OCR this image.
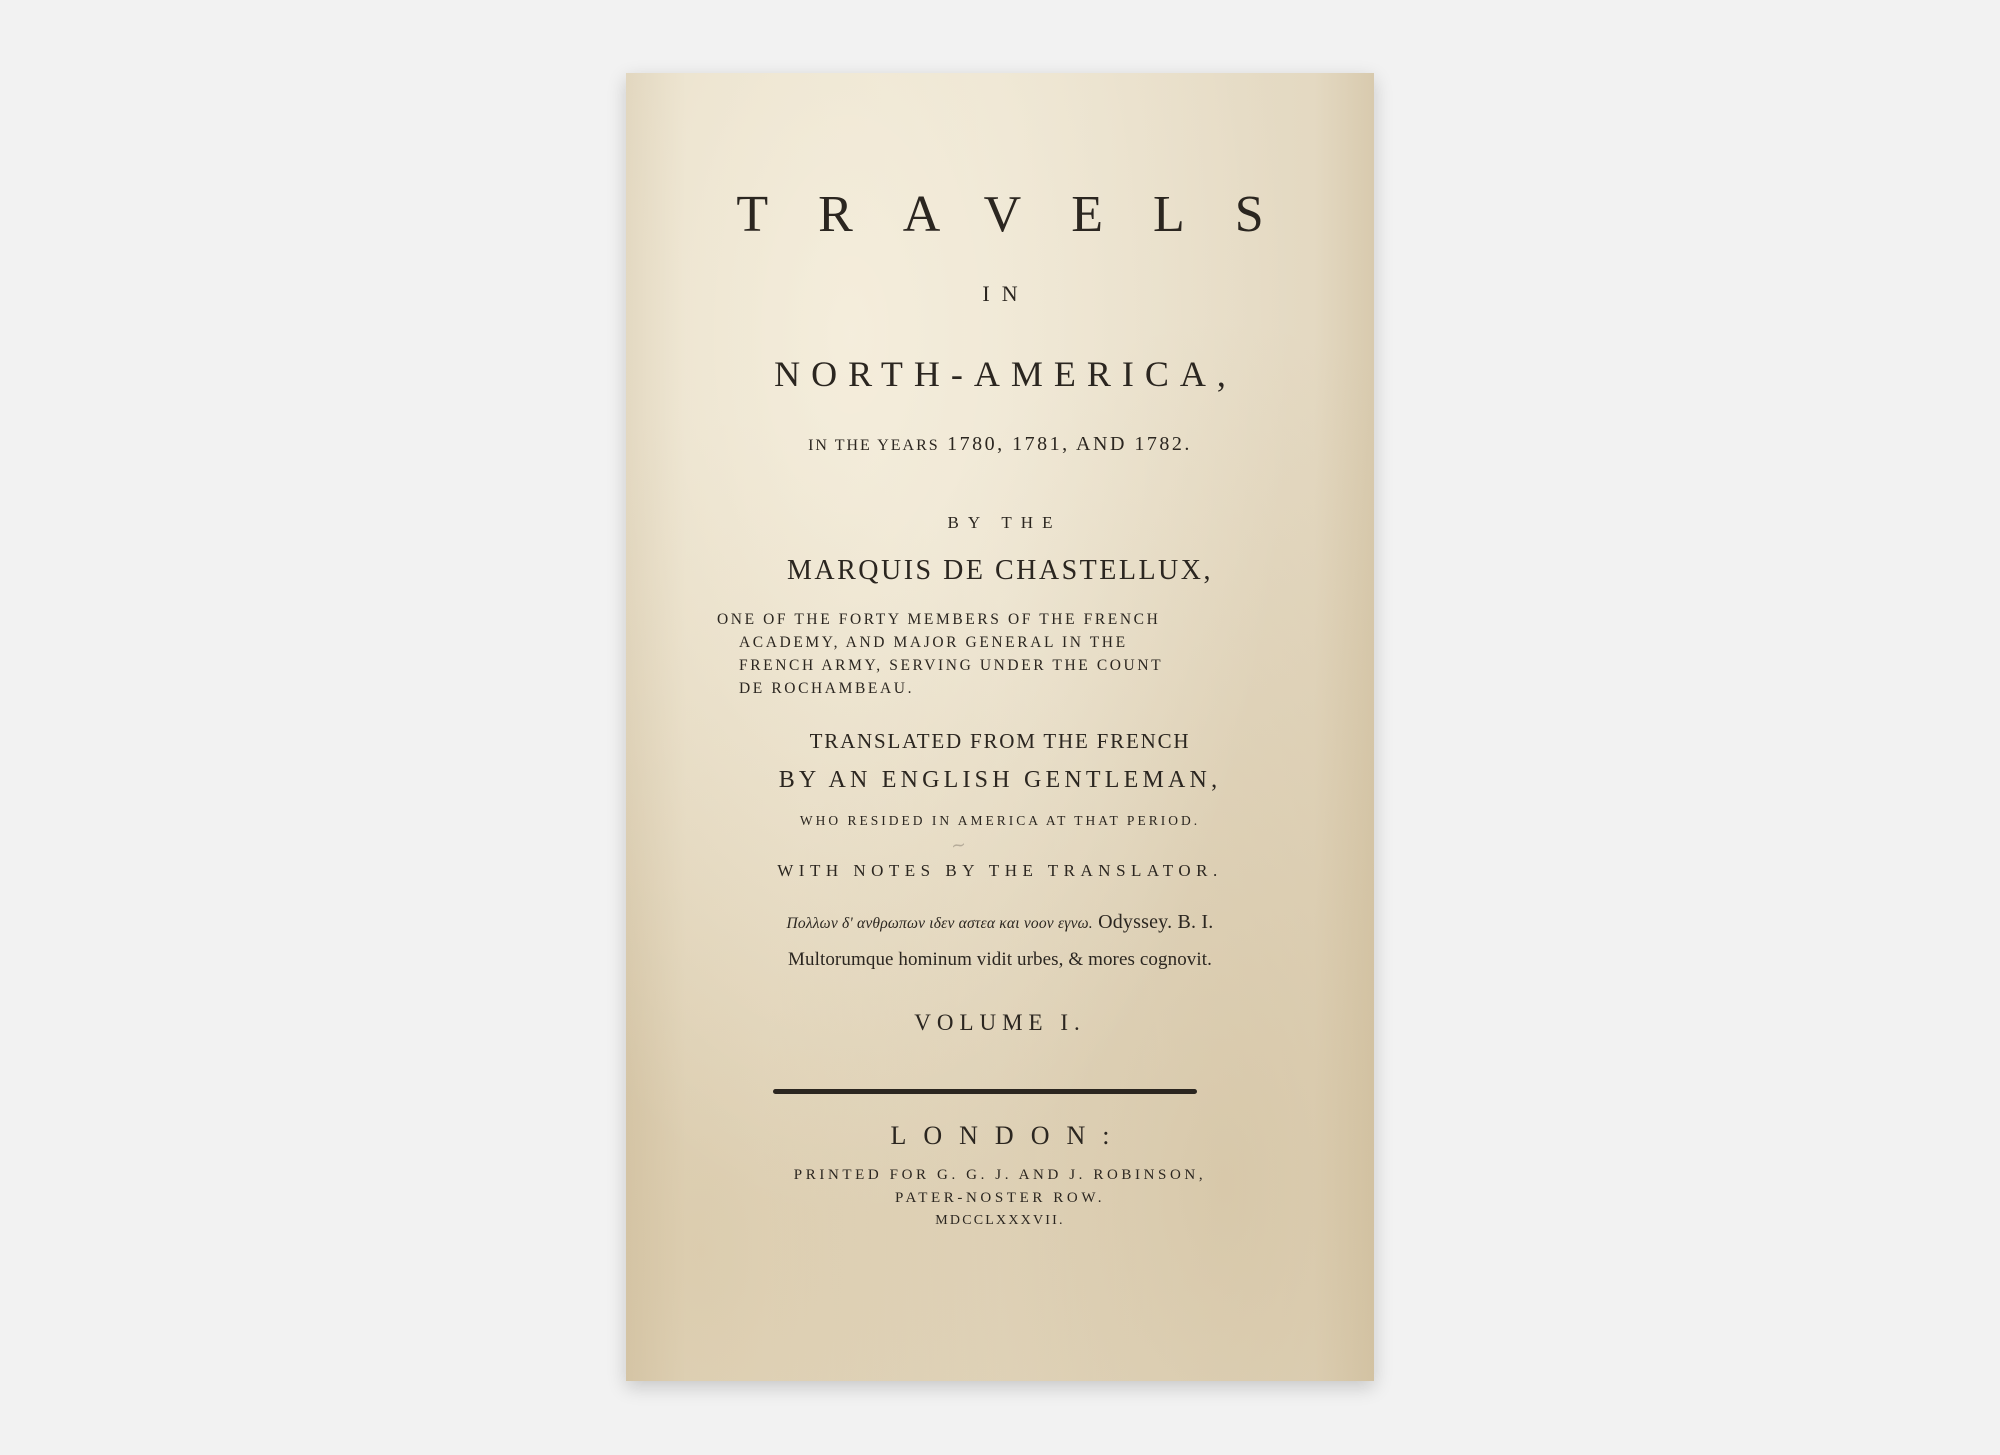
TRAVELS
IN
NORTH-AMERICA,
IN THE YEARS 1780, 1781, AND 1782.
BY THE
MARQUIS DE CHASTELLUX,
ONE OF THE FORTY MEMBERS OF THE FRENCH
ACADEMY, AND MAJOR GENERAL IN THE
FRENCH ARMY, SERVING UNDER THE COUNT
DE ROCHAMBEAU.
TRANSLATED FROM THE FRENCH
BY AN ENGLISH GENTLEMAN,
WHO RESIDED IN AMERICA AT THAT PERIOD.
~
WITH NOTES BY THE TRANSLATOR.
Πολλων δ' ανθρωπων ιδεν αστεα και νοον εγνω. Odyssey. B. I.
Multorumque hominum vidit urbes, & mores cognovit.
VOLUME I.
LONDON:
PRINTED FOR G. G. J. AND J. ROBINSON,
PATER-NOSTER ROW.
MDCCLXXXVII.
